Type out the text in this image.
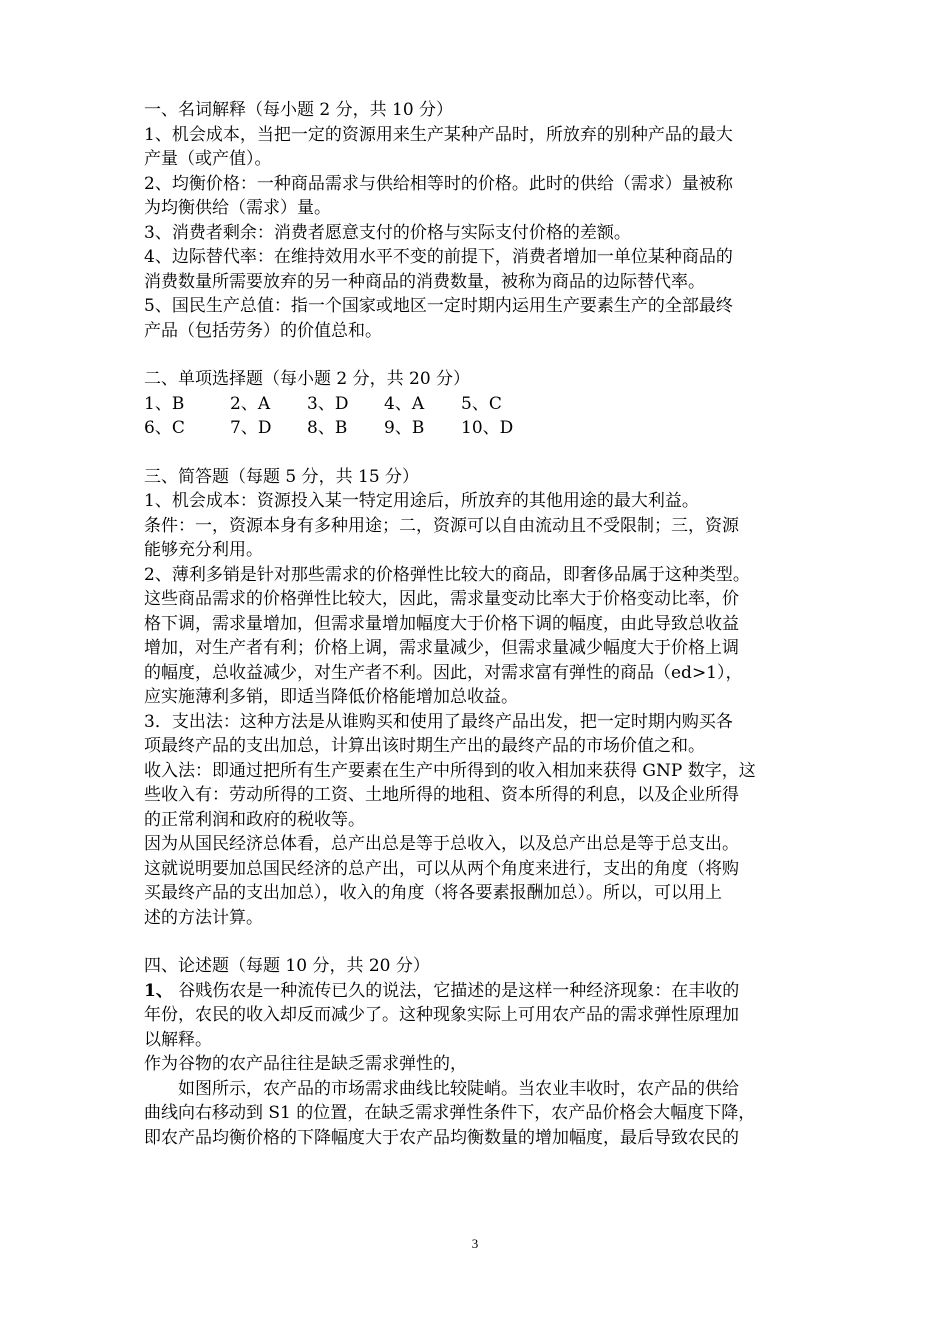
一、名词解释（每小题 2 分，共 10 分）
1、机会成本，当把一定的资源用来生产某种产品时，所放弃的别种产品的最大
产量（或产值）。
2、均衡价格：一种商品需求与供给相等时的价格。此时的供给（需求）量被称
为均衡供给（需求）量。
3、消费者剩余：消费者愿意支付的价格与实际支付价格的差额。
4、边际替代率：在维持效用水平不变的前提下，消费者增加一单位某种商品的
消费数量所需要放弃的另一种商品的消费数量，被称为商品的边际替代率。
5、国民生产总值：指一个国家或地区一定时期内运用生产要素生产的全部最终
产品（包括劳务）的价值总和。
二、单项选择题（每小题 2 分，共 20 分）
1、B	2、A	3、D	4、A	5、C
6、C	7、D	8、B	9、B	10、D
三、简答题（每题 5 分，共 15 分）
1、机会成本：资源投入某一特定用途后，所放弃的其他用途的最大利益。
条件：一，资源本身有多种用途；二，资源可以自由流动且不受限制；三，资源
能够充分利用。
2、薄利多销是针对那些需求的价格弹性比较大的商品，即奢侈品属于这种类型。
这些商品需求的价格弹性比较大，因此，需求量变动比率大于价格变动比率，价
格下调，需求量增加，但需求量增加幅度大于价格下调的幅度，由此导致总收益
增加，对生产者有利；价格上调，需求量减少，但需求量减少幅度大于价格上调
的幅度，总收益减少，对生产者不利。因此，对需求富有弹性的商品（ed>1），
应实施薄利多销，即适当降低价格能增加总收益。
3．支出法：这种方法是从谁购买和使用了最终产品出发，把一定时期内购买各
项最终产品的支出加总，计算出该时期生产出的最终产品的市场价值之和。
收入法：即通过把所有生产要素在生产中所得到的收入相加来获得 GNP 数字，这
些收入有：劳动所得的工资、土地所得的地租、资本所得的利息，以及企业所得
的正常利润和政府的税收等。
因为从国民经济总体看，总产出总是等于总收入，以及总产出总是等于总支出。
这就说明要加总国民经济的总产出，可以从两个角度来进行，支出的角度（将购
买最终产品的支出加总），收入的角度（将各要素报酬加总）。所以，可以用上
述的方法计算。
四、论述题（每题 10 分，共 20 分）
1、 谷贱伤农是一种流传已久的说法，它描述的是这样一种经济现象：在丰收的
年份，农民的收入却反而减少了。这种现象实际上可用农产品的需求弹性原理加
以解释。
作为谷物的农产品往往是缺乏需求弹性的，
如图所示，农产品的市场需求曲线比较陡峭。当农业丰收时，农产品的供给
曲线向右移动到 S1 的位置，在缺乏需求弹性条件下，农产品价格会大幅度下降，
即农产品均衡价格的下降幅度大于农产品均衡数量的增加幅度，最后导致农民的
3
